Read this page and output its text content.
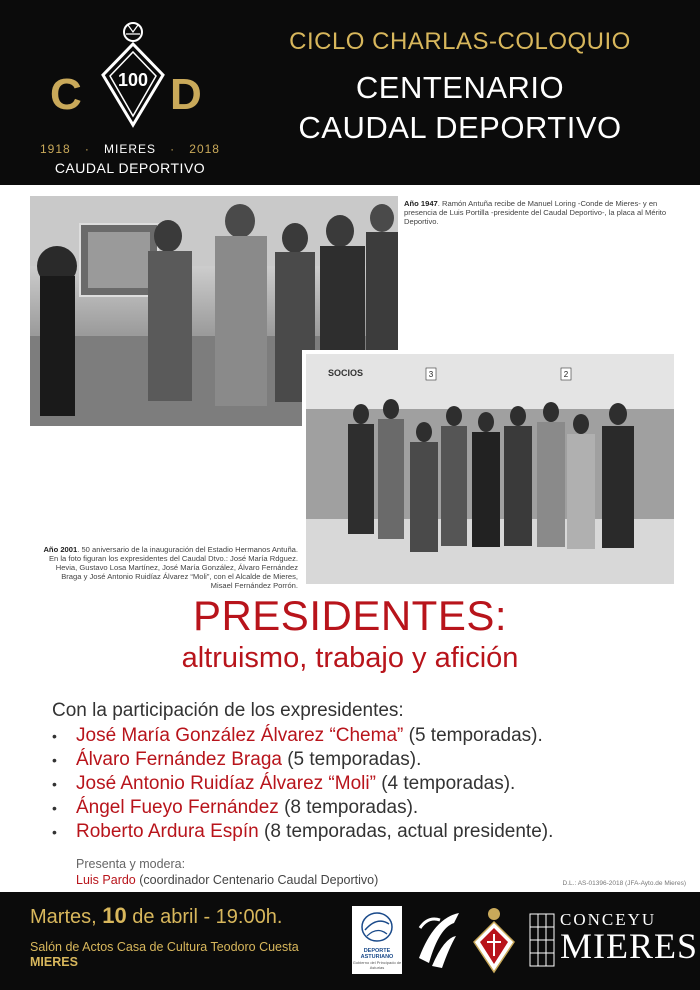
C 100 D
1918 · MIERES · 2018
CAUDAL DEPORTIVO
CICLO CHARLAS-COLOQUIO
CENTENARIO
CAUDAL DEPORTIVO
SOCIOS	3	2
Año 1947. Ramón Antuña recibe de Manuel Loring -Conde de Mieres- y en presencia de Luis Portilla -presidente del Caudal Deportivo-, la placa al Mérito Deportivo.
Año 2001. 50 aniversario de la inauguración del Estadio Hermanos Antuña. En la foto figuran los expresidentes del Caudal Dtvo.: José María Rdguez. Hevia, Gustavo Losa Martínez, José María González, Álvaro Fernández Braga y José Antonio Ruidíaz Álvarez “Moli”, con el Alcalde de Mieres, Misael Fernández Porrón.
PRESIDENTES:
altruismo, trabajo y afición
Con la participación de los expresidentes:
• José María González Álvarez “Chema” (5 temporadas).
• Álvaro Fernández Braga (5 temporadas).
• José Antonio Ruidíaz Álvarez “Moli” (4 temporadas).
• Ángel Fueyo Fernández (8 temporadas).
• Roberto Ardura Espín (8 temporadas, actual presidente).
Presenta y modera:
Luis Pardo (coordinador Centenario Caudal Deportivo)	D.L.: AS-01396-2018 (JFA-Ayto.de Mieres)
Martes, 10 de abril - 19:00h.
Salón de Actos Casa de Cultura Teodoro Cuesta
MIERES
DEPORTE
ASTURIANO
Gobierno del Principado de Asturias
CONCEYU
MIERES
